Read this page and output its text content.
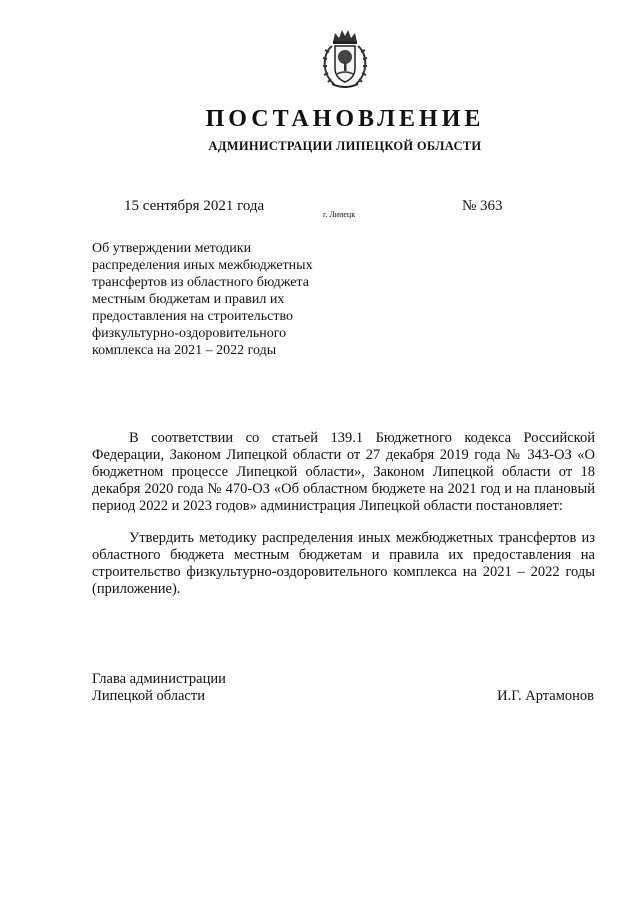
ПОСТАНОВЛЕНИЕ
АДМИНИСТРАЦИИ ЛИПЕЦКОЙ ОБЛАСТИ
15 сентября 2021 года
г. Липецк
№ 363
Об утверждении методики
распределения иных межбюджетных
трансфертов из областного бюджета
местным бюджетам и правил их
предоставления на строительство
физкультурно-оздоровительного
комплекса на 2021 – 2022 годы

В соответствии со статьей 139.1 Бюджетного кодекса Российской Федерации, Законом Липецкой области от 27 декабря 2019 года № 343-ОЗ «О бюджетном процессе Липецкой области», Законом Липецкой области от 18 декабря 2020 года № 470-ОЗ «Об областном бюджете на 2021 год и на плановый период 2022 и 2023 годов» администрация Липецкой области постановляет:

Утвердить методику распределения иных межбюджетных трансфертов из областного бюджета местным бюджетам и правила их предоставления на строительство физкультурно-оздоровительного комплекса на 2021 – 2022 годы (приложение).

Глава администрации
Липецкой области	И.Г. Артамонов
